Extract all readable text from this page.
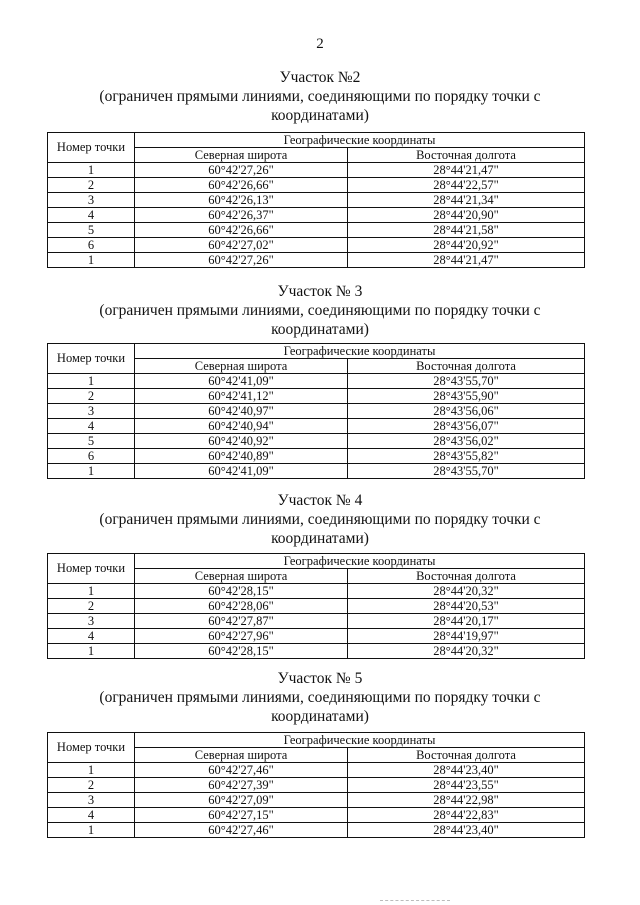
2
Участок №2
(ограничен прямыми линиями, соединяющими по порядку точки с координатами)
Номер точки	Географические координаты	
	Северная широта	Восточная долгота
1	60°42'27,26"	28°44'21,47"
2	60°42'26,66"	28°44'22,57"
3	60°42'26,13"	28°44'21,34"
4	60°42'26,37"	28°44'20,90"
5	60°42'26,66"	28°44'21,58"
6	60°42'27,02"	28°44'20,92"
1	60°42'27,26"	28°44'21,47"
Участок № 3
(ограничен прямыми линиями, соединяющими по порядку точки с координатами)
Номер точки	Географические координаты	
	Северная широта	Восточная долгота
1	60°42'41,09"	28°43'55,70"
2	60°42'41,12"	28°43'55,90"
3	60°42'40,97"	28°43'56,06"
4	60°42'40,94"	28°43'56,07"
5	60°42'40,92"	28°43'56,02"
6	60°42'40,89"	28°43'55,82"
1	60°42'41,09"	28°43'55,70"
Участок № 4
(ограничен прямыми линиями, соединяющими по порядку точки с координатами)
Номер точки	Географические координаты	
	Северная широта	Восточная долгота
1	60°42'28,15"	28°44'20,32"
2	60°42'28,06"	28°44'20,53"
3	60°42'27,87"	28°44'20,17"
4	60°42'27,96"	28°44'19,97"
1	60°42'28,15"	28°44'20,32"
Участок № 5
(ограничен прямыми линиями, соединяющими по порядку точки с координатами)
Номер точки	Географические координаты	
	Северная широта	Восточная долгота
1	60°42'27,46"	28°44'23,40"
2	60°42'27,39"	28°44'23,55"
3	60°42'27,09"	28°44'22,98"
4	60°42'27,15"	28°44'22,83"
1	60°42'27,46"	28°44'23,40"
